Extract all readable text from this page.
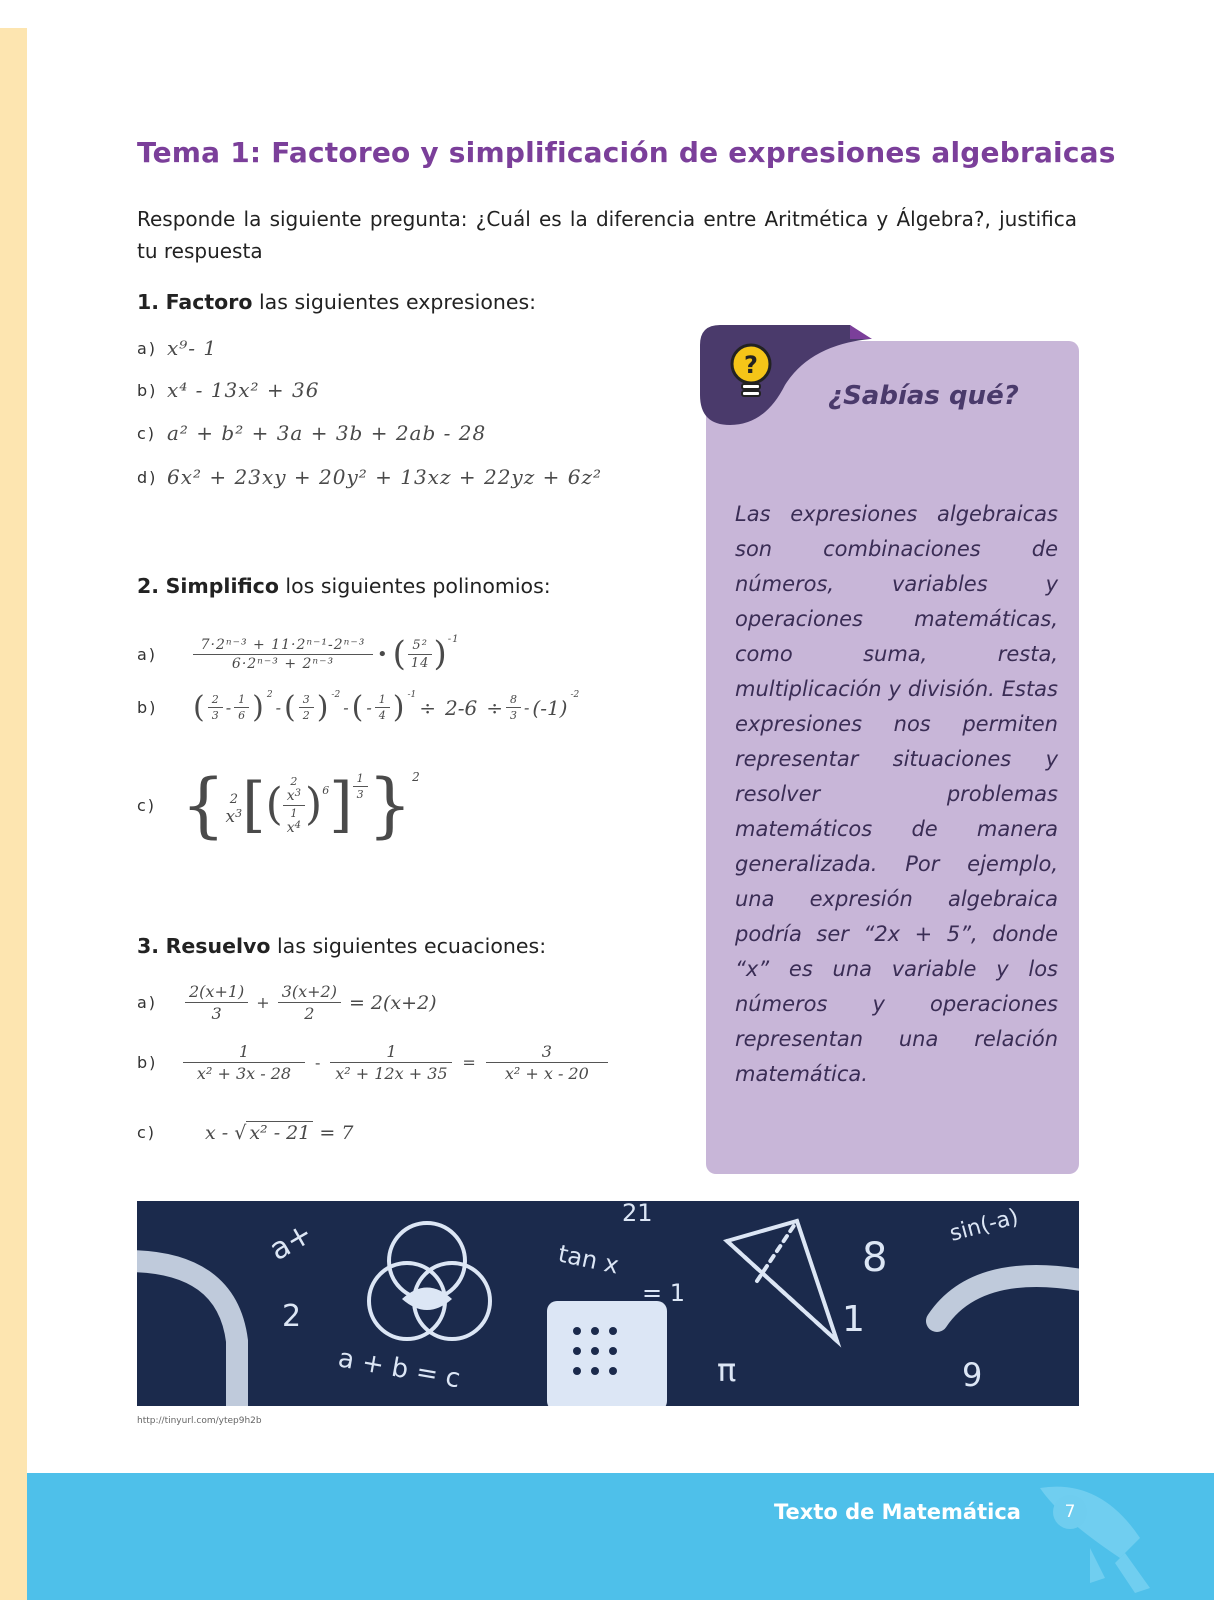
Tema 1: Factoreo y simplificación de expresiones algebraicas

Responde la siguiente pregunta: ¿Cuál es la diferencia entre Aritmética y Álgebra?, justifica tu respuesta

1. Factoro las siguientes expresiones:
a) x⁹- 1
b) x⁴ - 13x² + 36
c) a² + b² + 3a + 3b + 2ab - 28
d) 6x² + 23xy + 20y² + 13xz + 22yz + 6z²
2. Simplifico los siguientes polinomios:
a)	$\frac{\text{7·2ⁿ⁻³ + 11·2ⁿ⁻¹-2ⁿ⁻³}}{\text{6·2ⁿ⁻³ + 2ⁿ⁻³}}$ • ( $\frac{\text{5²}}{14} )^{-1}$
b)	( $\frac{2}{3} - \frac{1}{6}$ ) $^2$
- ( $\frac{3}{2}$ ) $^{-2}$
- ( - $\frac{1}{4}$ ) $^{-1}$
÷ $2-6 \div \frac{8}{3} - (-1)$
$^{-2}$
c) { 2
x 3 [ ( 2
x 3
1
x 4 )$^6$ ] $\frac{1}{3} \}^2$
3. Resuelvo las siguientes ecuaciones:
a)	$\frac{2(x+1)}{3} + \frac{3(x+2)}{2} = 2(x+2)$
b)	$\frac{1}{\text{x² + 3x - 28}} - \frac{1}{\text{x² + 12x + 35}} = \frac{3}{\text{x² + x - 20}}$
c)	x - √ x² - 21 = 7
?
¿Sabías qué?

Las expresiones algebraicas son combinaciones de números, variables y operaciones matemáticas, como suma, resta, multiplicación y división. Estas expresiones nos permiten representar situaciones y resolver problemas matemáticos de manera generalizada. Por ejemplo, una expresión algebraica podría ser “2x + 5”, donde “x” es una variable y los números y operaciones representan una relación matemática.

a+
2
a + b = c
tan x
= 1
8
1
π	9
sin(-a)
21
http://tinyurl.com/ytep9h2b
Texto de Matemática	7
